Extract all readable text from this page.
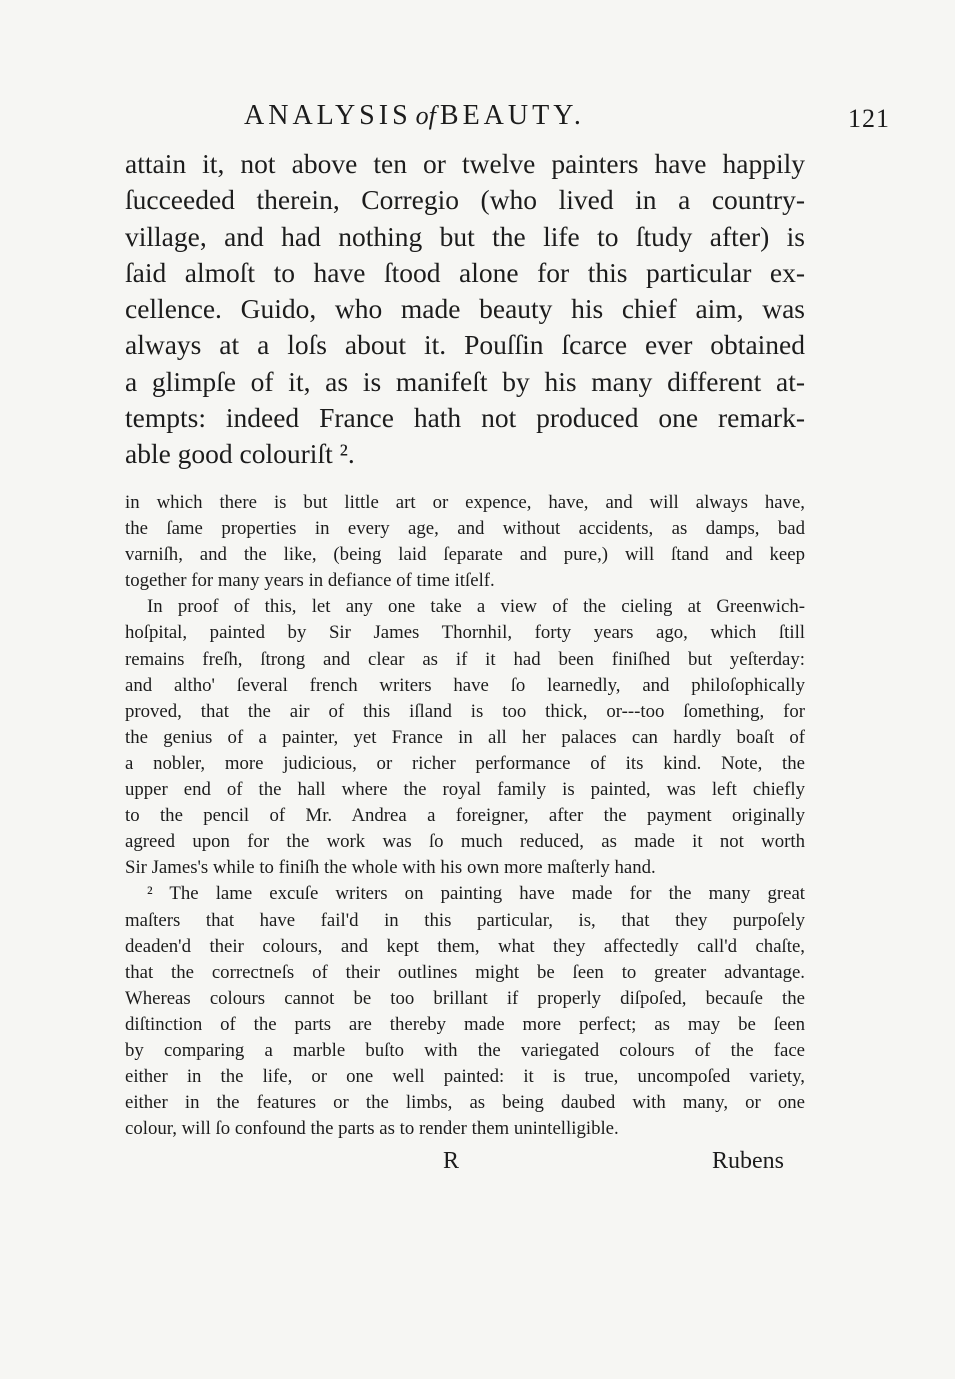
ANALYSIS of BEAUTY.	121
attain it, not above ten or twelve painters have happily
ſucceeded therein, Corregio (who lived in a country-
village, and had nothing but the life to ſtudy after) is
ſaid almoſt to have ſtood alone for this particular ex-
cellence. Guido, who made beauty his chief aim, was
always at a loſs about it. Pouſſin ſcarce ever obtained
a glimpſe of it, as is manifeſt by his many different at-
tempts: indeed France hath not produced one remark-
able good colouriſt ².
in which there is but little art or expence, have, and will always have,
the ſame properties in every age, and without accidents, as damps, bad
varniſh, and the like, (being laid ſeparate and pure,) will ſtand and keep
together for many years in defiance of time itſelf.
In proof of this, let any one take a view of the cieling at Greenwich-
hoſpital, painted by Sir James Thornhil, forty years ago, which ſtill
remains freſh, ſtrong and clear as if it had been finiſhed but yeſterday:
and altho' ſeveral french writers have ſo learnedly, and philoſophically
proved, that the air of this iſland is too thick, or---too ſomething, for
the genius of a painter, yet France in all her palaces can hardly boaſt of
a nobler, more judicious, or richer performance of its kind. Note, the
upper end of the hall where the royal family is painted, was left chiefly
to the pencil of Mr. Andrea a foreigner, after the payment originally
agreed upon for the work was ſo much reduced, as made it not worth
Sir James's while to finiſh the whole with his own more maſterly hand.
² The lame excuſe writers on painting have made for the many great
maſters that have fail'd in this particular, is, that they purpoſely
deaden'd their colours, and kept them, what they affectedly call'd chaſte,
that the correctneſs of their outlines might be ſeen to greater advantage.
Whereas colours cannot be too brillant if properly diſpoſed, becauſe the
diſtinction of the parts are thereby made more perfect; as may be ſeen
by comparing a marble buſto with the variegated colours of the face
either in the life, or one well painted: it is true, uncompoſed variety,
either in the features or the limbs, as being daubed with many, or one
colour, will ſo confound the parts as to render them unintelligible.
R	Rubens
